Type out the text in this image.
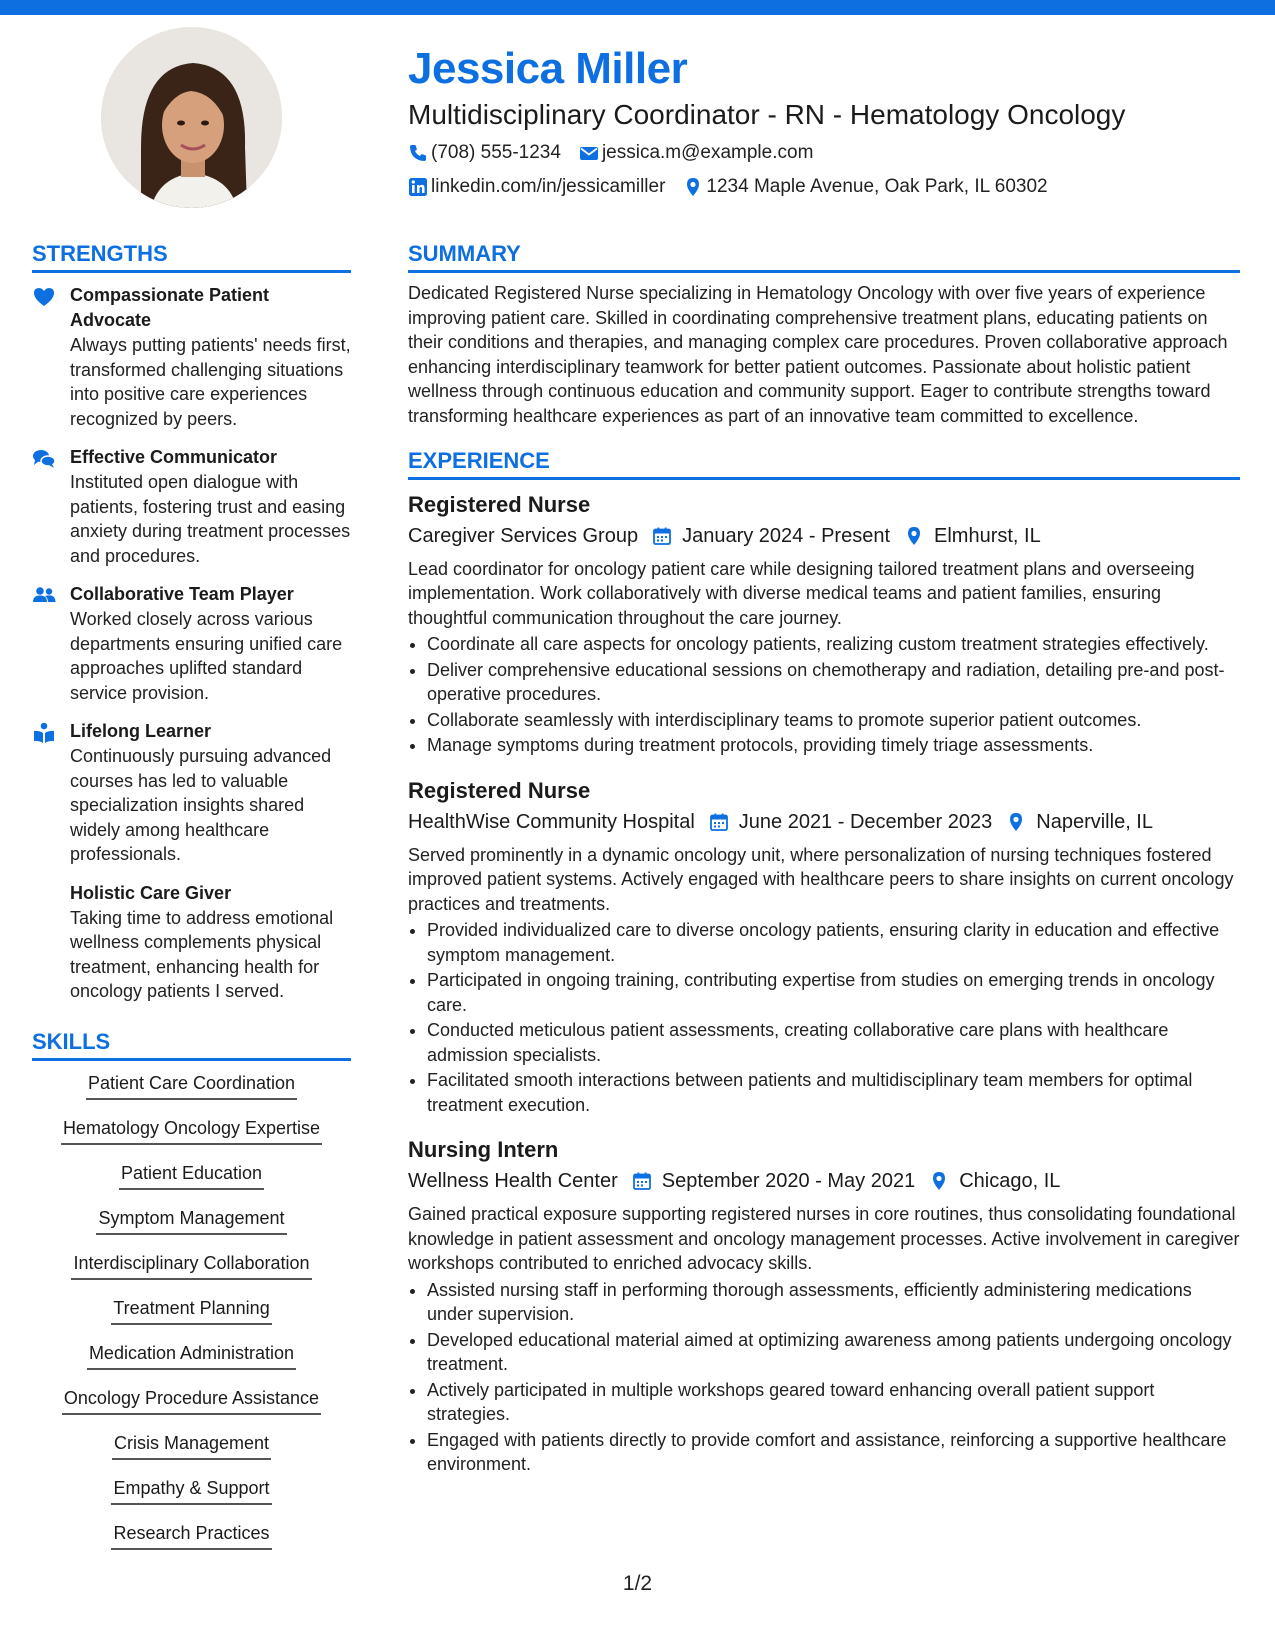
Jessica Miller
Multidisciplinary Coordinator - RN - Hematology Oncology
(708) 555-1234 jessica.m@example.com
linkedin.com/in/jessicamiller 1234 Maple Avenue, Oak Park, IL 60302
STRENGTHS
Compassionate Patient Advocate
Always putting patients' needs first, transformed challenging situations into positive care experiences recognized by peers.
Effective Communicator
Instituted open dialogue with patients, fostering trust and easing anxiety during treatment processes and procedures.
Collaborative Team Player
Worked closely across various departments ensuring unified care approaches uplifted standard service provision.
Lifelong Learner
Continuously pursuing advanced courses has led to valuable specialization insights shared widely among healthcare professionals.
Holistic Care Giver
Taking time to address emotional wellness complements physical treatment, enhancing health for oncology patients I served.
SKILLS
Patient Care Coordination
Hematology Oncology Expertise
Patient Education
Symptom Management
Interdisciplinary Collaboration
Treatment Planning
Medication Administration
Oncology Procedure Assistance
Crisis Management
Empathy & Support
Research Practices
SUMMARY
Dedicated Registered Nurse specializing in Hematology Oncology with over five years of experience improving patient care. Skilled in coordinating comprehensive treatment plans, educating patients on their conditions and therapies, and managing complex care procedures. Proven collaborative approach enhancing interdisciplinary teamwork for better patient outcomes. Passionate about holistic patient wellness through continuous education and community support. Eager to contribute strengths toward transforming healthcare experiences as part of an innovative team committed to excellence.
EXPERIENCE
Registered Nurse
Caregiver Services Group January 2024 - Present Elmhurst, IL
Lead coordinator for oncology patient care while designing tailored treatment plans and overseeing implementation. Work collaboratively with diverse medical teams and patient families, ensuring thoughtful communication throughout the care journey.
• Coordinate all care aspects for oncology patients, realizing custom treatment strategies effectively.
• Deliver comprehensive educational sessions on chemotherapy and radiation, detailing pre-and post-operative procedures.
• Collaborate seamlessly with interdisciplinary teams to promote superior patient outcomes.
• Manage symptoms during treatment protocols, providing timely triage assessments.
Registered Nurse
HealthWise Community Hospital June 2021 - December 2023 Naperville, IL
Served prominently in a dynamic oncology unit, where personalization of nursing techniques fostered improved patient systems. Actively engaged with healthcare peers to share insights on current oncology practices and treatments.
• Provided individualized care to diverse oncology patients, ensuring clarity in education and effective symptom management.
• Participated in ongoing training, contributing expertise from studies on emerging trends in oncology care.
• Conducted meticulous patient assessments, creating collaborative care plans with healthcare admission specialists.
• Facilitated smooth interactions between patients and multidisciplinary team members for optimal treatment execution.
Nursing Intern
Wellness Health Center September 2020 - May 2021 Chicago, IL
Gained practical exposure supporting registered nurses in core routines, thus consolidating foundational knowledge in patient assessment and oncology management processes. Active involvement in caregiver workshops contributed to enriched advocacy skills.
• Assisted nursing staff in performing thorough assessments, efficiently administering medications under supervision.
• Developed educational material aimed at optimizing awareness among patients undergoing oncology treatment.
• Actively participated in multiple workshops geared toward enhancing overall patient support strategies.
• Engaged with patients directly to provide comfort and assistance, reinforcing a supportive healthcare environment.
1/2
